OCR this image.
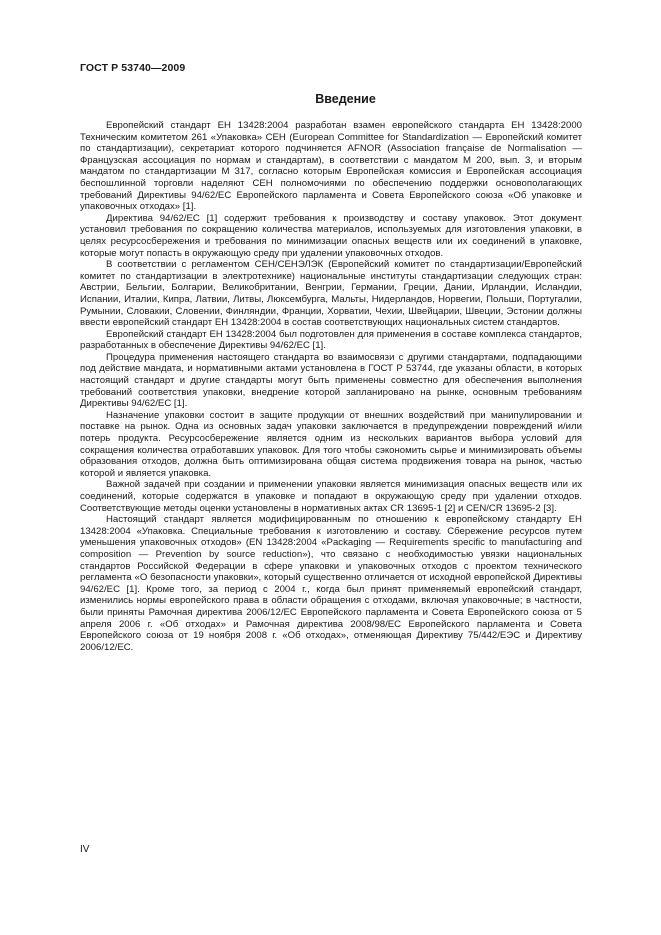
ГОСТ Р 53740—2009
Введение

Европейский стандарт ЕН 13428:2004 разработан взамен европейского стандарта ЕН 13428:2000 Техническим комитетом 261 «Упаковка» CEH (European Committee for Standardization — Европейский комитет по стандартизации), секретариат которого подчиняется AFNOR (Association française de Normalisation — Французская ассоциация по нормам и стандартам), в соответствии с мандатом М 200, вып. 3, и вторым мандатом по стандартизации М 317, согласно которым Европейская комиссия и Европейская ассоциация беспошлинной торговли наделяют CEH полномочиями по обеспечению поддержки основополагающих требований Директивы 94/62/ЕС Европейского парламента и Совета Европейского союза «Об упаковке и упаковочных отходах» [1].

Директива 94/62/ЕС [1] содержит требования к производству и составу упаковок. Этот документ установил требования по сокращению количества материалов, используемых для изготовления упаковки, в целях ресурсосбережения и требования по минимизации опасных веществ или их соединений в упаковке, которые могут попасть в окружающую среду при удалении упаковочных отходов.

В соответствии с регламентом CEH/СЕНЭЛЭК (Европейский комитет по стандартизации/Европейский комитет по стандартизации в электротехнике) национальные институты стандартизации следующих стран: Австрии, Бельгии, Болгарии, Великобритании, Венгрии, Германии, Греции, Дании, Ирландии, Исландии, Испании, Италии, Кипра, Латвии, Литвы, Люксембурга, Мальты, Нидерландов, Норвегии, Польши, Португалии, Румынии, Словакии, Словении, Финляндии, Франции, Хорватии, Чехии, Швейцарии, Швеции, Эстонии должны ввести европейский стандарт ЕН 13428:2004 в состав соответствующих национальных систем стандартов.

Европейский стандарт ЕН 13428:2004 был подготовлен для применения в составе комплекса стандартов, разработанных в обеспечение Директивы 94/62/ЕС [1].

Процедура применения настоящего стандарта во взаимосвязи с другими стандартами, подпадающими под действие мандата, и нормативными актами установлена в ГОСТ Р 53744, где указаны области, в которых настоящий стандарт и другие стандарты могут быть применены совместно для обеспечения выполнения требований соответствия упаковки, внедрение которой запланировано на рынке, основным требованиям Директивы 94/62/ЕС [1].

Назначение упаковки состоит в защите продукции от внешних воздействий при манипулировании и поставке на рынок. Одна из основных задач упаковки заключается в предупреждении повреждений и/или потерь продукта. Ресурсосбережение является одним из нескольких вариантов выбора условий для сокращения количества отработавших упаковок. Для того чтобы сэкономить сырье и минимизировать объемы образования отходов, должна быть оптимизирована общая система продвижения товара на рынок, частью которой и является упаковка.

Важной задачей при создании и применении упаковки является минимизация опасных веществ или их соединений, которые содержатся в упаковке и попадают в окружающую среду при удалении отходов. Соответствующие методы оценки установлены в нормативных актах CR 13695-1 [2] и CEN/CR 13695-2 [3].

Настоящий стандарт является модифицированным по отношению к европейскому стандарту ЕН 13428:2004 «Упаковка. Специальные требования к изготовлению и составу. Сбережение ресурсов путем уменьшения упаковочных отходов» (EN 13428:2004 «Packaging — Requirements specific to manufacturing and composition — Prevention by source reduction»), что связано с необходимостью увязки национальных стандартов Российской Федерации в сфере упаковки и упаковочных отходов с проектом технического регламента «О безопасности упаковки», который существенно отличается от исходной европейской Директивы 94/62/ЕС [1]. Кроме того, за период с 2004 г., когда был принят применяемый европейский стандарт, изменились нормы европейского права в области обращения с отходами, включая упаковочные; в частности, были приняты Рамочная директива 2006/12/ЕС Европейского парламента и Совета Европейского союза от 5 апреля 2006 г. «Об отходах» и Рамочная директива 2008/98/ЕС Европейского парламента и Совета Европейского союза от 19 ноября 2008 г. «Об отходах», отменяющая Директиву 75/442/ЕЭС и Директиву 2006/12/ЕС.

IV
